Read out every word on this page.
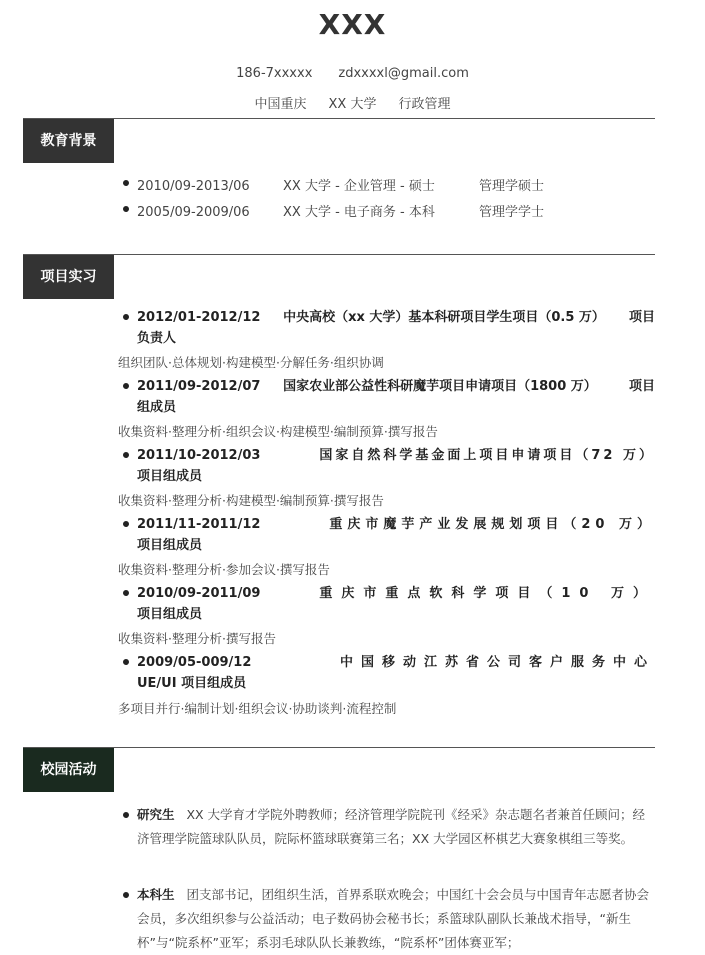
XXX
186-7xxxxx zdxxxxl@gmail.com
中国重庆 XX 大学 行政管理
教育背景
2010/09-2013/06	XX 大学 - 企业管理 - 硕士	管理学硕士
2005/09-2009/06	XX 大学 - 电子商务 - 本科	管理学学士
项目实习
2012/01-2012/12 中央高校（xx 大学）基本科研项目学生项目（0.5 万） 项目
负责人
组织团队·总体规划·构建模型·分解任务·组织协调
2011/09-2012/07 国家农业部公益性科研魔芋项目申请项目（1800 万） 项目
组成员
收集资料·整理分析·组织会议·构建模型·编制预算·撰写报告
2011/10-2012/03	国家自然科学基金面上项目申请项目（72 万）
项目组成员
收集资料·整理分析·构建模型·编制预算·撰写报告
2011/11-2011/12	重庆市魔芋产业发展规划项目（20 万）
项目组成员
收集资料·整理分析·参加会议·撰写报告
2010/09-2011/09	重庆市重点软科学项目（10 万）
项目组成员
收集资料·整理分析·撰写报告
2009/05-009/12	中国移动江苏省公司客户服务中心
UE/UI 项目组成员
多项目并行·编制计划·组织会议·协助谈判·流程控制
校园活动
研究生 XX 大学育才学院外聘教师；经济管理学院院刊《经采》杂志题名者兼首任顾问；经济管理学院篮球队队员，院际杯篮球联赛第三名；XX 大学园区杯棋艺大赛象棋组三等奖。
本科生 团支部书记，团组织生活，首界系联欢晚会；中国红十会会员与中国青年志愿者协会会员，多次组织参与公益活动；电子数码协会秘书长；系篮球队副队长兼战术指导，“新生杯”与“院系杯”亚军；系羽毛球队队长兼教练，“院系杯”团体赛亚军；
